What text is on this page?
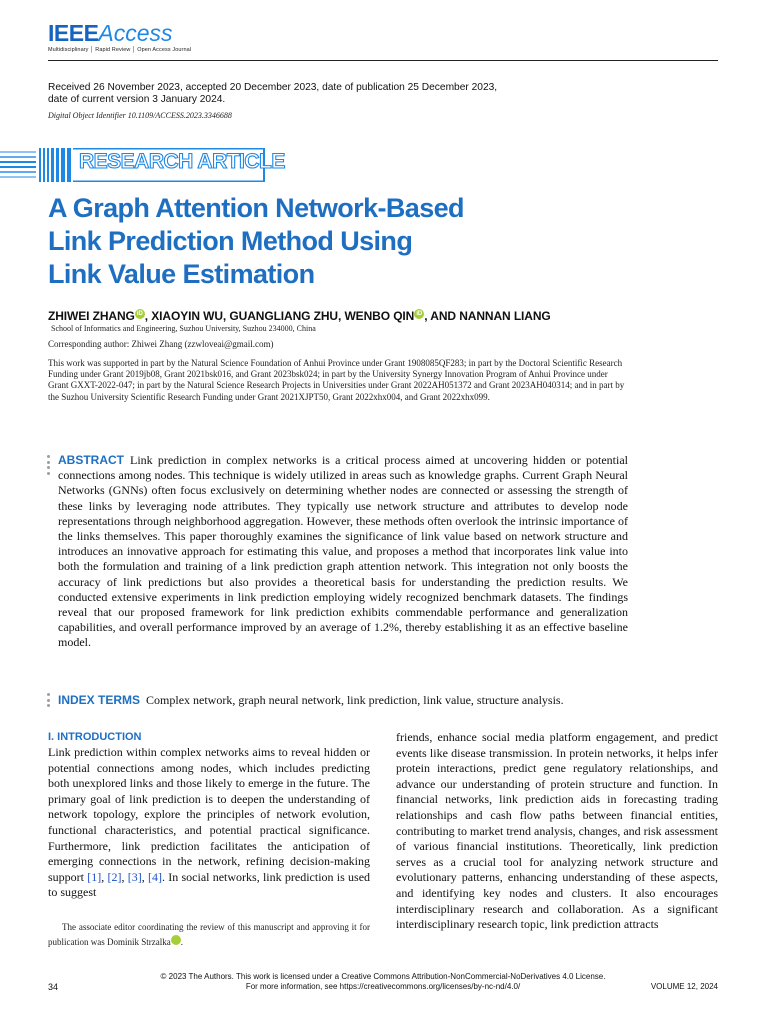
IEEEAccess
Multidisciplinary │ Rapid Review │ Open Access Journal
Received 26 November 2023, accepted 20 December 2023, date of publication 25 December 2023,
date of current version 3 January 2024.
Digital Object Identifier 10.1109/ACCESS.2023.3346688
RESEARCH ARTICLE
A Graph Attention Network-Based
Link Prediction Method Using
Link Value Estimation
ZHIWEI ZHANG iD , XIAOYIN WU, GUANGLIANG ZHU, WENBO QIN iD , AND NANNAN LIANG
School of Informatics and Engineering, Suzhou University, Suzhou 234000, China
Corresponding author: Zhiwei Zhang (zzwloveai@gmail.com)
This work was supported in part by the Natural Science Foundation of Anhui Province under Grant 1908085QF283; in part by the Doctoral Scientific Research Funding under Grant 2019jb08, Grant 2021bsk016, and Grant 2023bsk024; in part by the University Synergy Innovation Program of Anhui Province under Grant GXXT-2022-047; in part by the Natural Science Research Projects in Universities under Grant 2022AH051372 and Grant 2023AH040314; and in part by the Suzhou University Scientific Research Funding under Grant 2021XJPT50, Grant 2022xhx004, and Grant 2022xhx099.
ABSTRACT Link prediction in complex networks is a critical process aimed at uncovering hidden or potential connections among nodes. This technique is widely utilized in areas such as knowledge graphs. Current Graph Neural Networks (GNNs) often focus exclusively on determining whether nodes are connected or assessing the strength of these links by leveraging node attributes. They typically use network structure and attributes to develop node representations through neighborhood aggregation. However, these methods often overlook the intrinsic importance of the links themselves. This paper thoroughly examines the significance of link value based on network structure and introduces an innovative approach for estimating this value, and proposes a method that incorporates link value into both the formulation and training of a link prediction graph attention network. This integration not only boosts the accuracy of link predictions but also provides a theoretical basis for understanding the prediction results. We conducted extensive experiments in link prediction employing widely recognized benchmark datasets. The findings reveal that our proposed framework for link prediction exhibits commendable performance and generalization capabilities, and overall performance improved by an average of 1.2%, thereby establishing it as an effective baseline model.
INDEX TERMS Complex network, graph neural network, link prediction, link value, structure analysis.
I. INTRODUCTION
Link prediction within complex networks aims to reveal hidden or potential connections among nodes, which includes predicting both unexplored links and those likely to emerge in the future. The primary goal of link prediction is to deepen the understanding of network topology, explore the principles of network evolution, functional characteristics, and potential practical significance. Furthermore, link prediction facilitates the anticipation of emerging connections in the network, refining decision-making support [1], [2], [3], [4]. In social networks, link prediction is used to suggest
friends, enhance social media platform engagement, and predict events like disease transmission. In protein networks, it helps infer protein interactions, predict gene regulatory relationships, and advance our understanding of protein structure and function. In financial networks, link prediction aids in forecasting trading relationships and cash flow paths between financial entities, contributing to market trend analysis, changes, and risk assessment of various financial institutions. Theoretically, link prediction serves as a crucial tool for analyzing network structure and evolutionary patterns, enhancing understanding of these aspects, and identifying key nodes and clusters. It also encourages interdisciplinary research and collaboration. As a significant interdisciplinary research topic, link prediction attracts

The associate editor coordinating the review of this manuscript and approving it for publication was Dominik Strzalka iD.

34
© 2023 The Authors. This work is licensed under a Creative Commons Attribution-NonCommercial-NoDerivatives 4.0 License.
For more information, see https://creativecommons.org/licenses/by-nc-nd/4.0/	VOLUME 12, 2024
